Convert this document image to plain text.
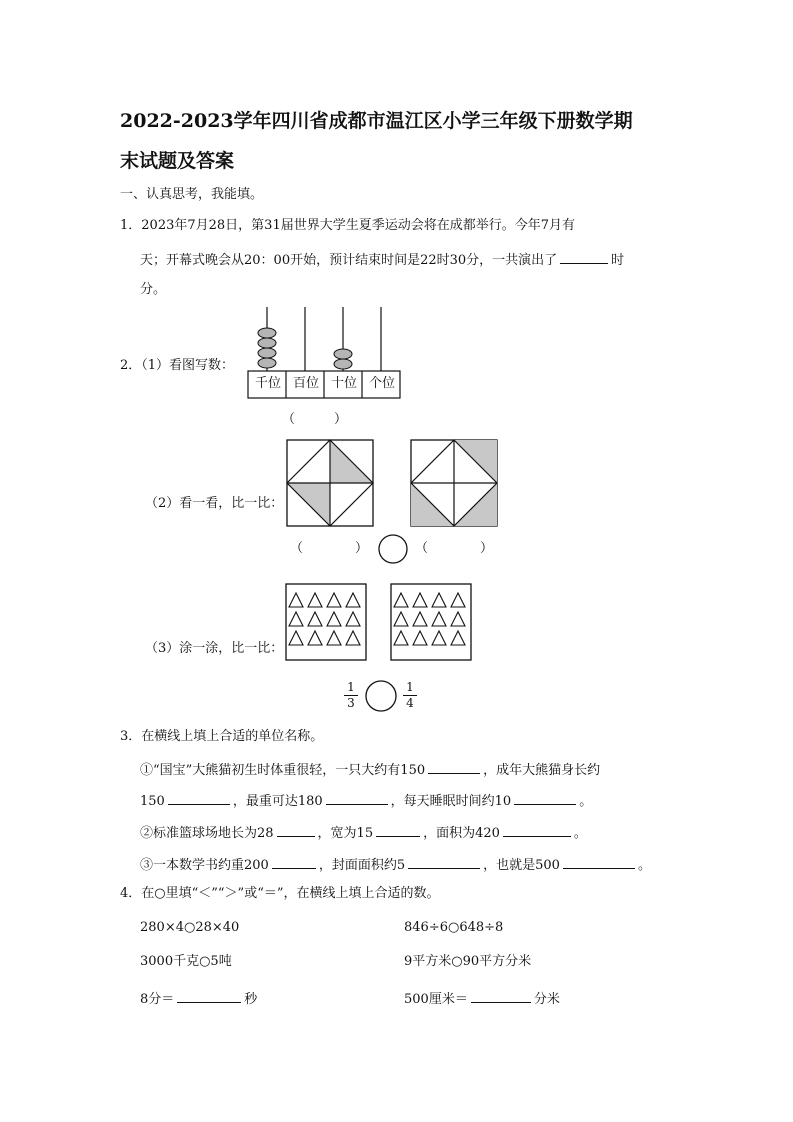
2022-2023学年四川省成都市温江区小学三年级下册数学期
末试题及答案
一、认真思考，我能填。
1．2023年7月28日，第31届世界大学生夏季运动会将在成都举行。今年7月有
天；开幕式晚会从20：00开始，预计结束时间是22时30分，一共演出了	时
分。
2．（1）看图写数：
千位 百位 十位 个位
（　　　）
（2）看一看，比一比：
（　　　　）	（　　　　）
（3）涂一涂，比一比：
1
3
1
4
3．在横线上填上合适的单位名称。
①“国宝”大熊猫初生时体重很轻，一只大约有150	，成年大熊猫身长约
150	，最重可达180	，每天睡眠时间约10	。
②标准篮球场地长为28	，宽为15	，面积为420	。
③一本数学书约重200	，封面面积约5	，也就是500	。
4．在○里填“＜”“＞”或“＝”，在横线上填上合适的数。
280×4○28×40	846÷6○648÷8
3000千克○5吨	9平方米○90平方分米
8分＝	秒	500厘米＝	分米
